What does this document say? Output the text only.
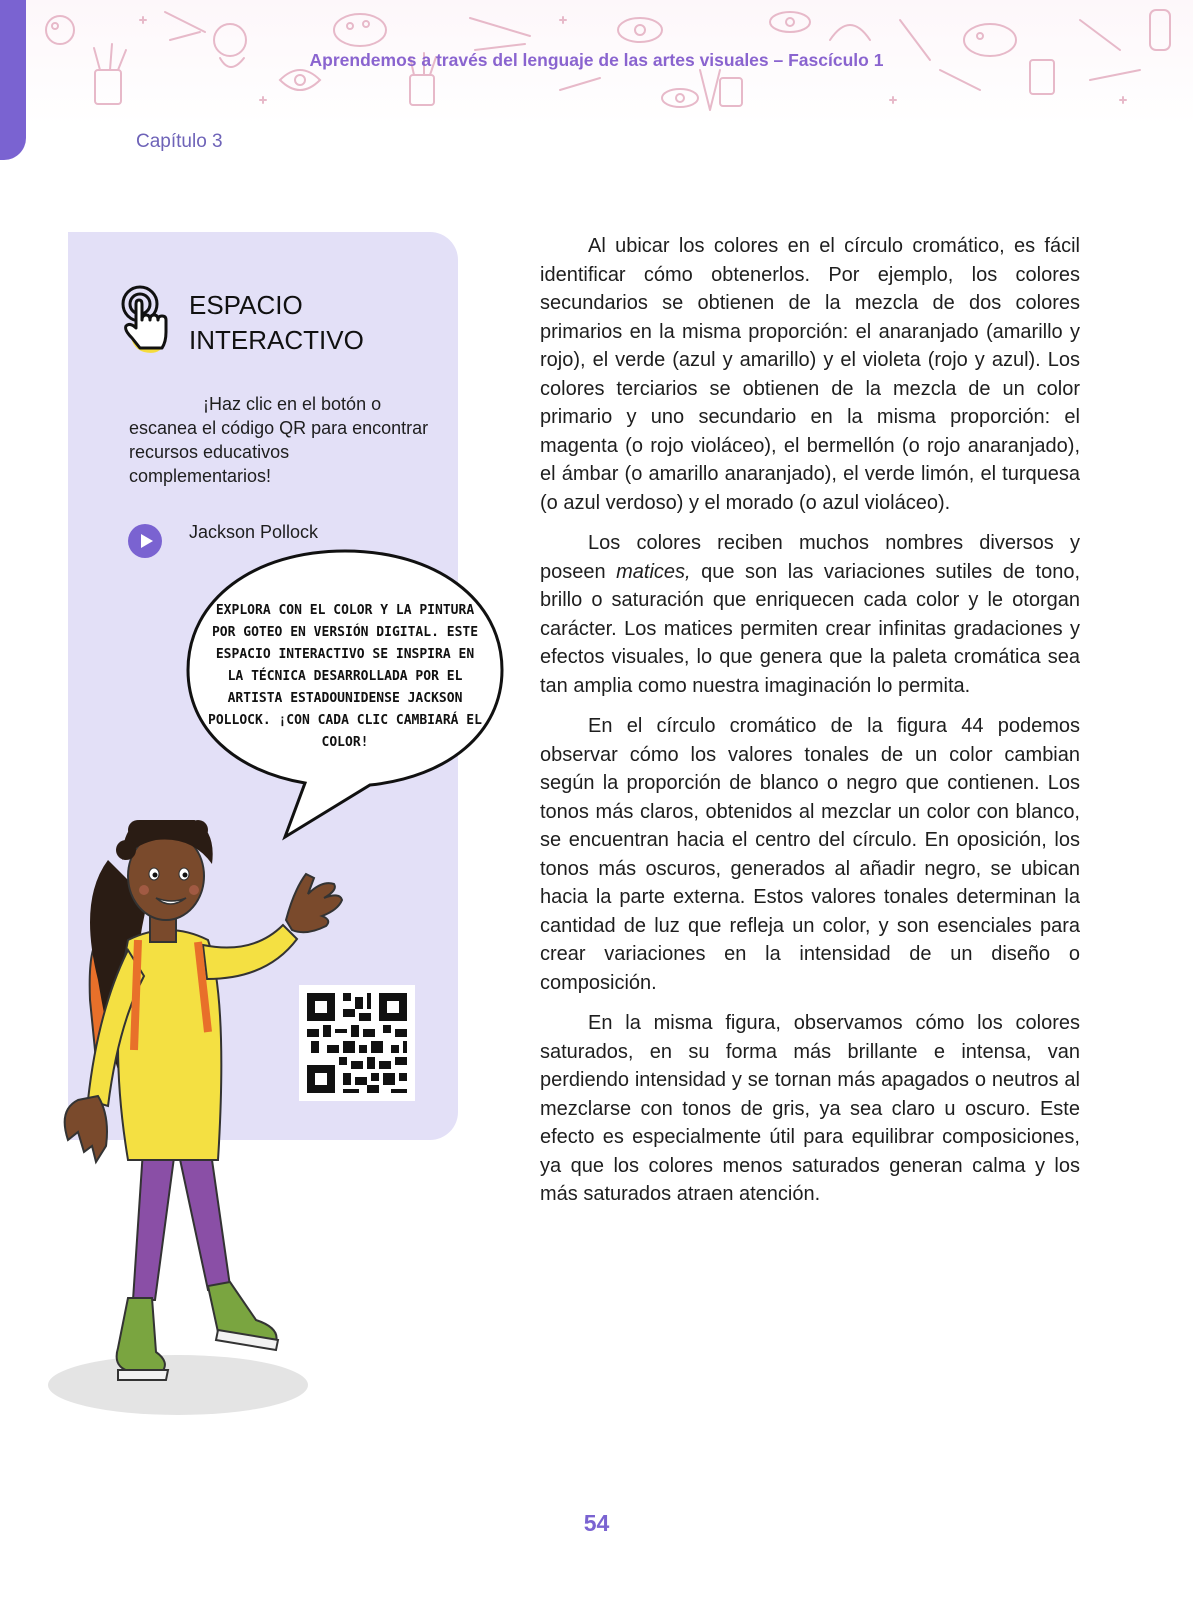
Aprendemos a través del lenguaje de las artes visuales – Fascículo 1
Capítulo 3
ESPACIO
INTERACTIVO
¡Haz clic en el botón o escanea el código QR para encontrar recursos educativos complementarios!
Jackson Pollock
EXPLORA CON EL COLOR Y LA PINTURA POR GOTEO EN VERSIÓN DIGITAL. ESTE ESPACIO INTERACTIVO SE INSPIRA EN LA TÉCNICA DESARROLLADA POR EL ARTISTA ESTADOUNIDENSE JACKSON POLLOCK. ¡CON CADA CLIC CAMBIARÁ EL COLOR!

Al ubicar los colores en el círculo cromático, es fácil identificar cómo obtenerlos. Por ejemplo, los colores secundarios se obtienen de la mezcla de dos colores primarios en la misma proporción: el anaranjado (amarillo y rojo), el verde (azul y amarillo) y el violeta (rojo y azul). Los colores terciarios se obtienen de la mezcla de un color primario y uno secundario en la misma proporción: el magenta (o rojo violáceo), el bermellón (o rojo anaranjado), el ámbar (o amarillo anaranjado), el verde limón, el turquesa (o azul verdoso) y el morado (o azul violáceo).

Los colores reciben muchos nombres diversos y poseen matices, que son las variaciones sutiles de tono, brillo o saturación que enriquecen cada color y le otorgan carácter. Los matices permiten crear infinitas gradaciones y efectos visuales, lo que genera que la paleta cromática sea tan amplia como nuestra imaginación lo permita.

En el círculo cromático de la figura 44 podemos observar cómo los valores tonales de un color cambian según la proporción de blanco o negro que contienen. Los tonos más claros, obtenidos al mezclar un color con blanco, se encuentran hacia el centro del círculo. En oposición, los tonos más oscuros, generados al añadir negro, se ubican hacia la parte externa. Estos valores tonales determinan la cantidad de luz que refleja un color, y son esenciales para crear variaciones en la intensidad de un diseño o composición.

En la misma figura, observamos cómo los colores saturados, en su forma más brillante e intensa, van perdiendo intensidad y se tornan más apagados o neutros al mezclarse con tonos de gris, ya sea claro u oscuro. Este efecto es especialmente útil para equilibrar composiciones, ya que los colores menos saturados generan calma y los más saturados atraen atención.

54
